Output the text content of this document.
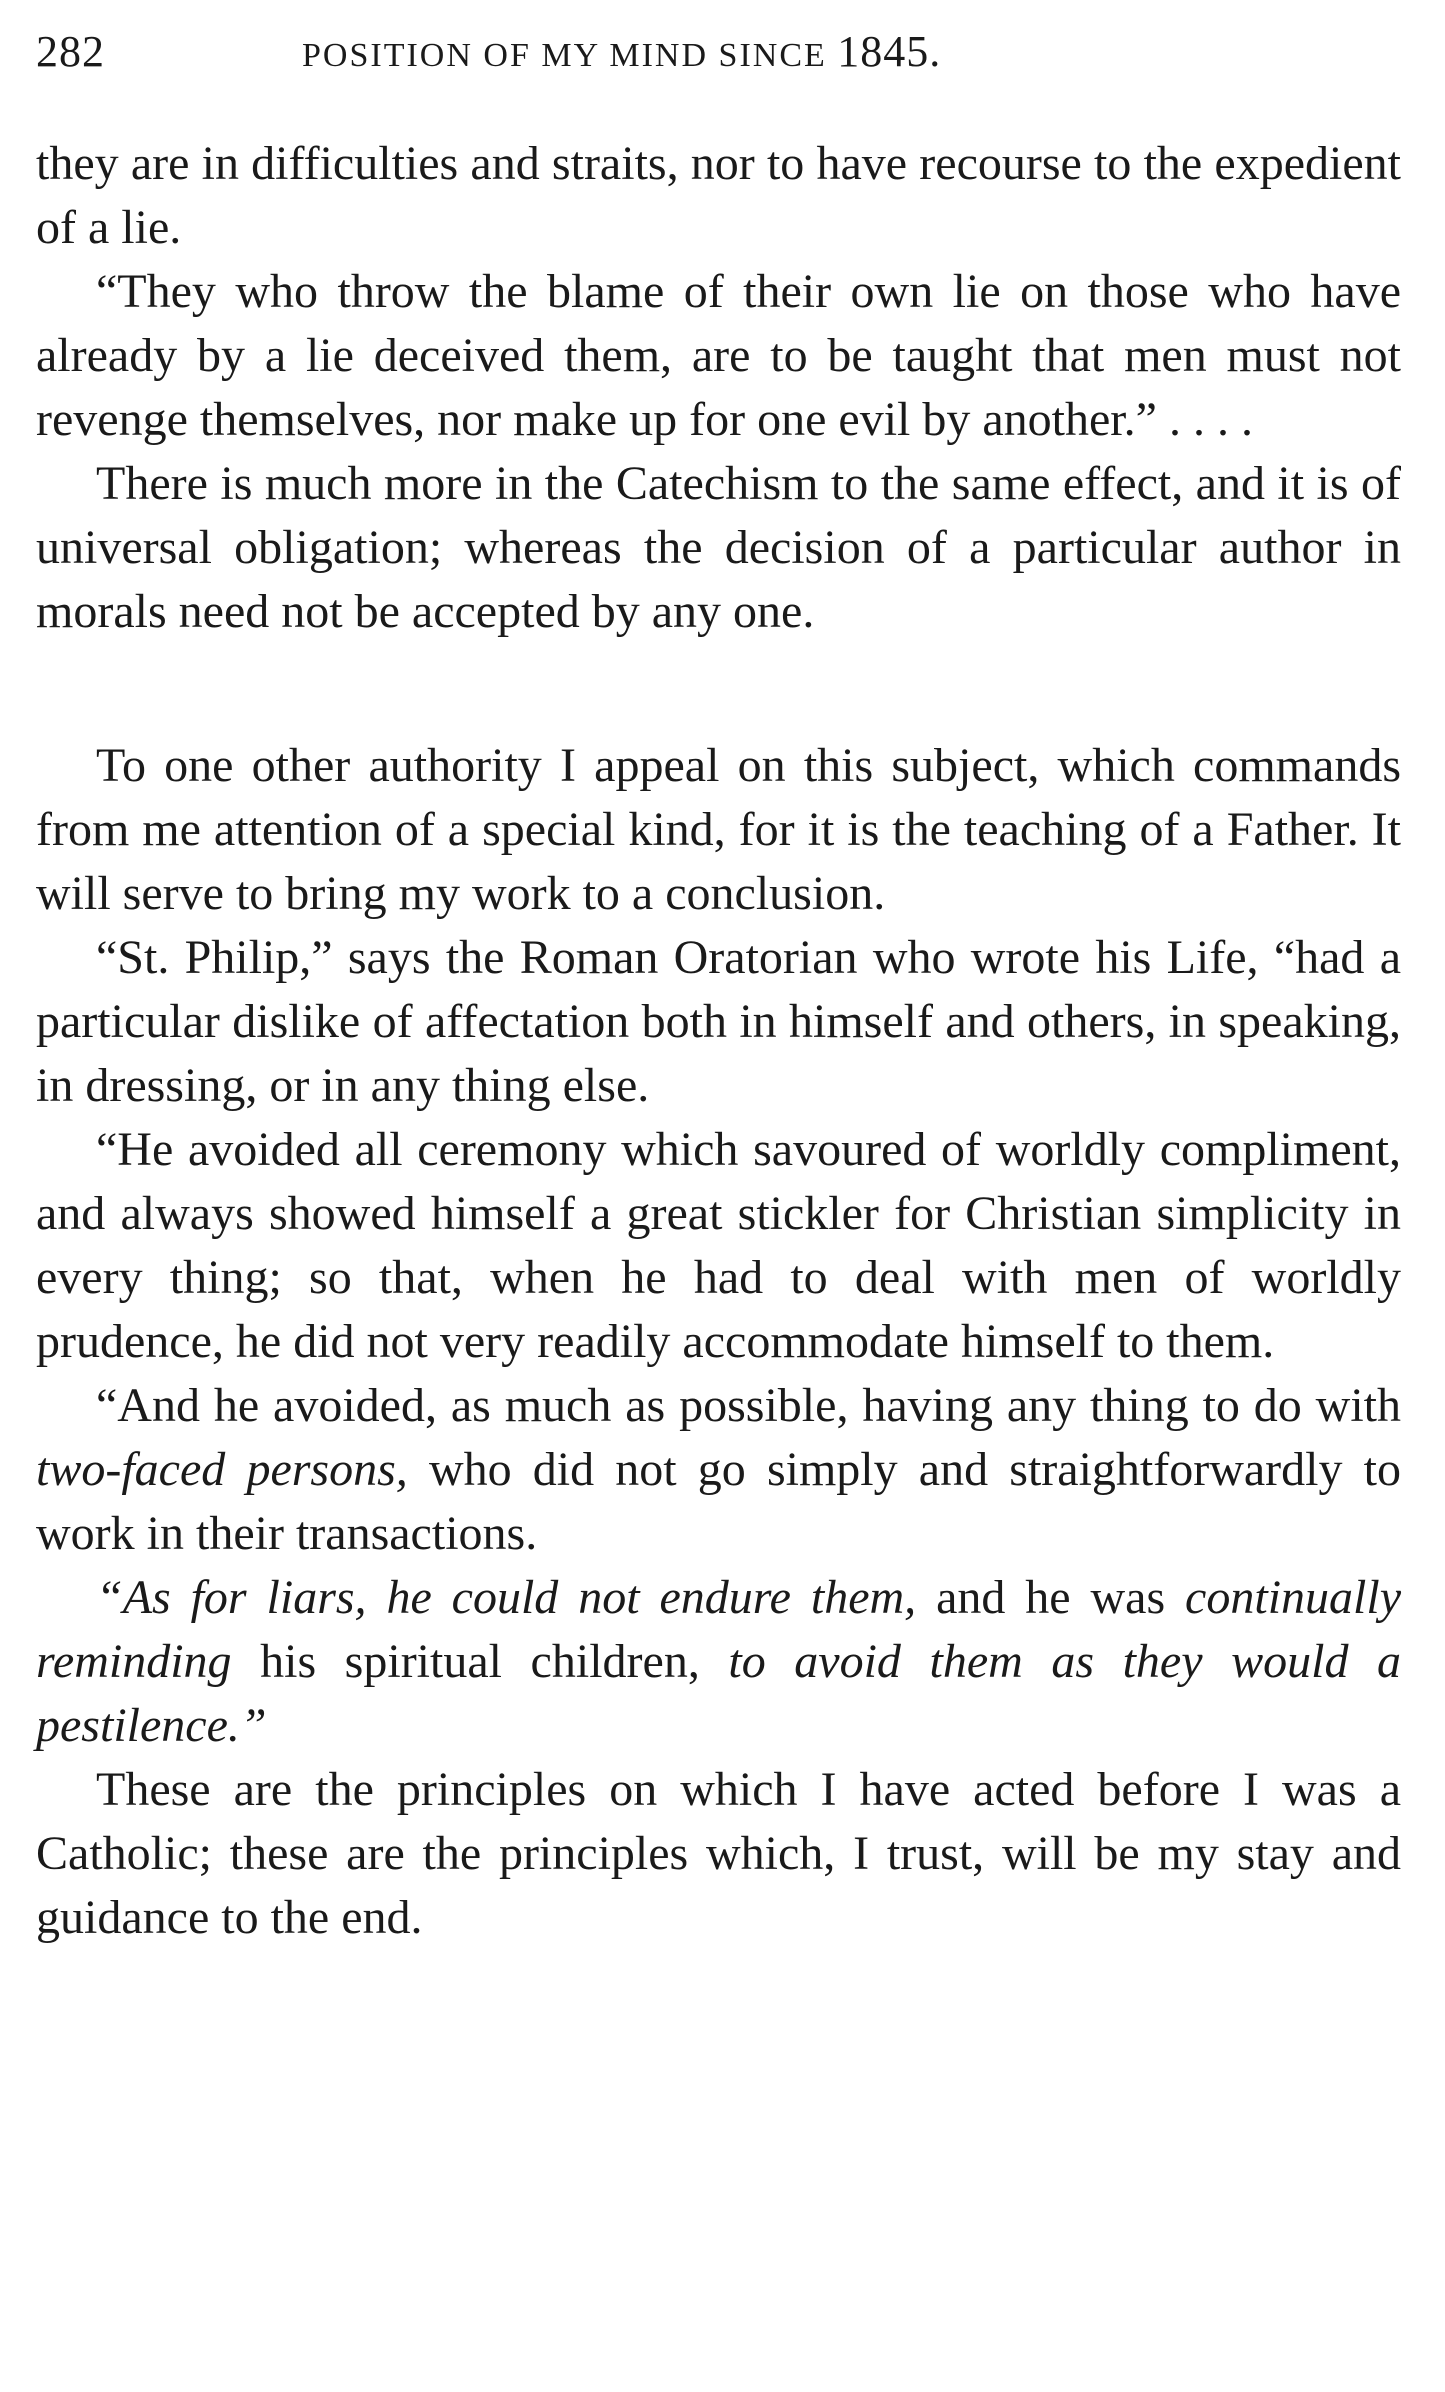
282	POSITION OF MY MIND SINCE 1845.

they are in difficulties and straits, nor to have recourse to the expedient of a lie.

“They who throw the blame of their own lie on those who have already by a lie deceived them, are to be taught that men must not revenge themselves, nor make up for one evil by another.” . . . .

There is much more in the Catechism to the same effect, and it is of universal obligation; whereas the decision of a particular author in morals need not be accepted by any one.

To one other authority I appeal on this subject, which commands from me attention of a special kind, for it is the teaching of a Father. It will serve to bring my work to a conclusion.

“St. Philip,” says the Roman Oratorian who wrote his Life, “had a particular dislike of affectation both in himself and others, in speaking, in dressing, or in any thing else.

“He avoided all ceremony which savoured of worldly compliment, and always showed himself a great stickler for Christian simplicity in every thing; so that, when he had to deal with men of worldly prudence, he did not very readily accommodate himself to them.

“And he avoided, as much as possible, having any thing to do with two-faced persons, who did not go simply and straightforwardly to work in their transactions.

“As for liars, he could not endure them, and he was continually reminding his spiritual children, to avoid them as they would a pestilence.”

These are the principles on which I have acted before I was a Catholic; these are the principles which, I trust, will be my stay and guidance to the end.
